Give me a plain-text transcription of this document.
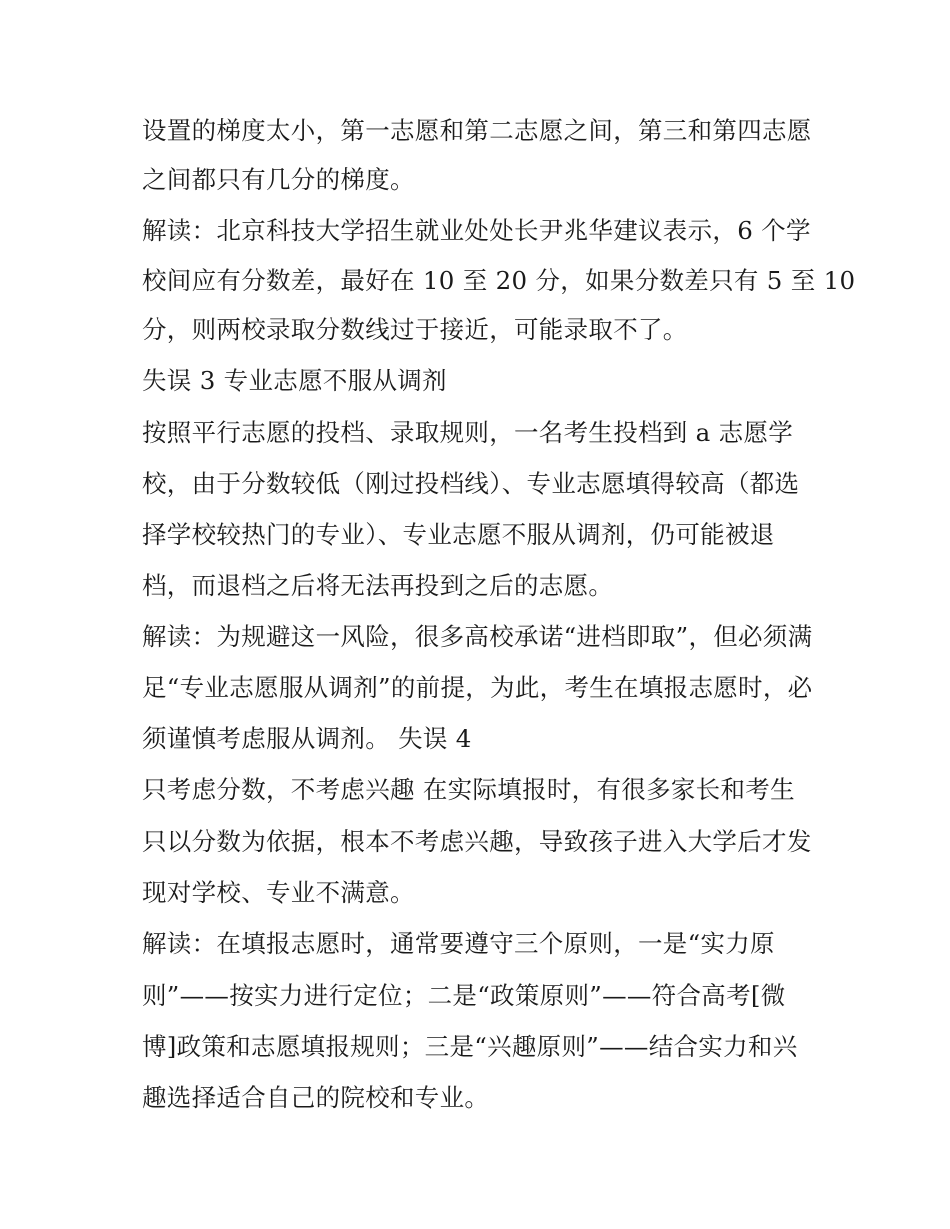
设置的梯度太小，第一志愿和第二志愿之间，第三和第四志愿
之间都只有几分的梯度。
解读：北京科技大学招生就业处处长尹兆华建议表示，6 个学
校间应有分数差，最好在 10 至 20 分，如果分数差只有 5 至 10
分，则两校录取分数线过于接近，可能录取不了。
失误 3 专业志愿不服从调剂
按照平行志愿的投档、录取规则，一名考生投档到 a 志愿学
校，由于分数较低（刚过投档线）、专业志愿填得较高（都选
择学校较热门的专业）、专业志愿不服从调剂，仍可能被退
档，而退档之后将无法再投到之后的志愿。
解读：为规避这一风险，很多高校承诺“进档即取”，但必须满
足“专业志愿服从调剂”的前提，为此，考生在填报志愿时，必
须谨慎考虑服从调剂。 失误 4
只考虑分数，不考虑兴趣 在实际填报时，有很多家长和考生
只以分数为依据，根本不考虑兴趣，导致孩子进入大学后才发
现对学校、专业不满意。
解读：在填报志愿时，通常要遵守三个原则，一是“实力原
则”——按实力进行定位；二是“政策原则”——符合高考[微
博]政策和志愿填报规则；三是“兴趣原则”——结合实力和兴
趣选择适合自己的院校和专业。
